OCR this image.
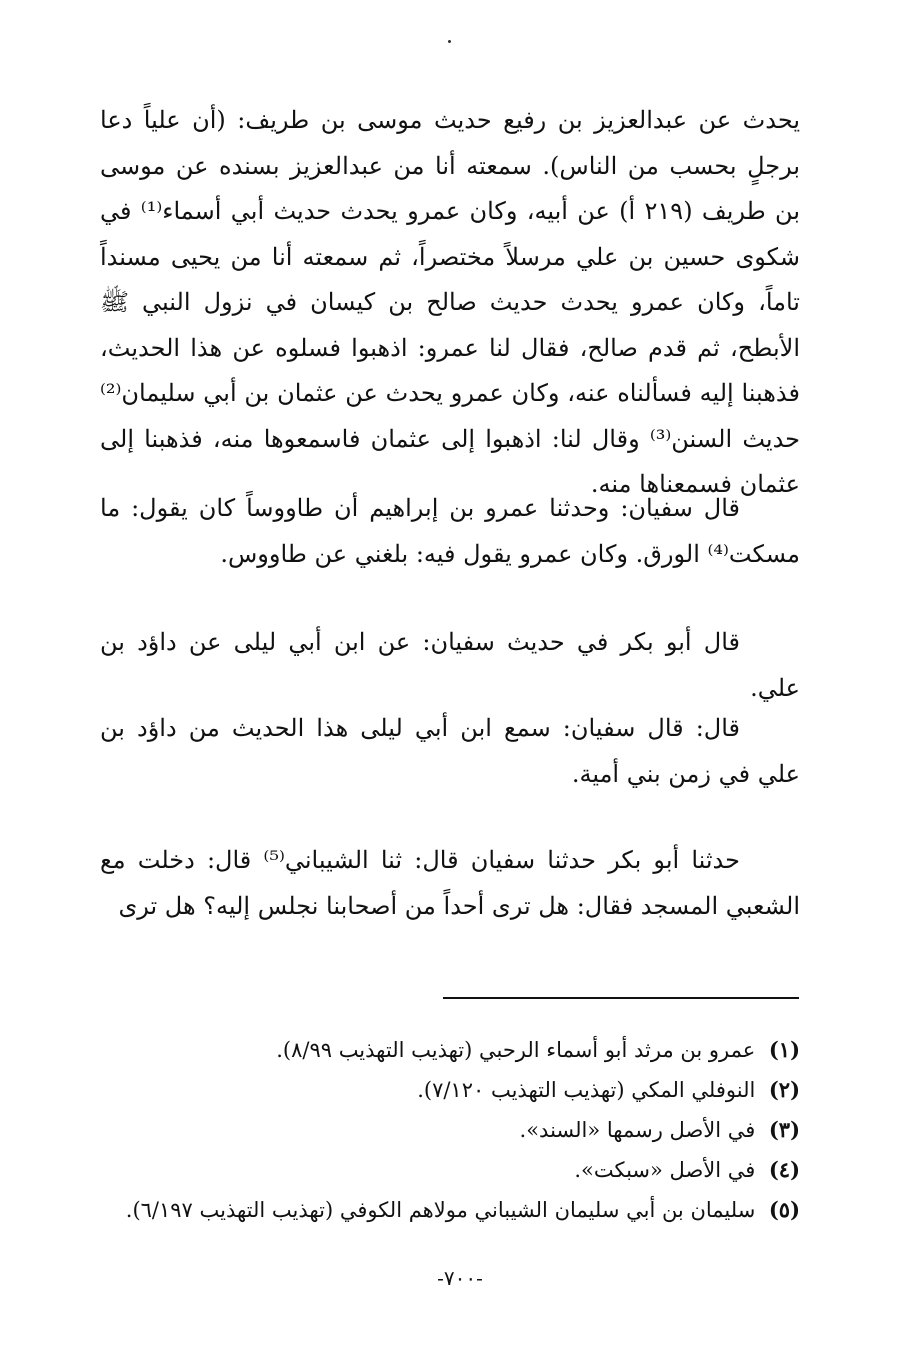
يحدث عن عبدالعزيز بن رفيع حديث موسى بن طريف: (أن علياً دعا برجلٍ بحسب من الناس). سمعته أنا من عبدالعزيز بسنده عن موسى بن طريف (٢١٩ أ) عن أبيه، وكان عمرو يحدث حديث أبي أسماء⁽¹⁾ في شكوى حسين بن علي مرسلاً مختصراً، ثم سمعته أنا من يحيى مسنداً تاماً، وكان عمرو يحدث حديث صالح بن كيسان في نزول النبي ﷺ الأبطح، ثم قدم صالح، فقال لنا عمرو: اذهبوا فسلوه عن هذا الحديث، فذهبنا إليه فسألناه عنه، وكان عمرو يحدث عن عثمان بن أبي سليمان⁽²⁾ حديث السنن⁽³⁾ وقال لنا: اذهبوا إلى عثمان فاسمعوها منه، فذهبنا إلى عثمان فسمعناها منه.

قال سفيان: وحدثنا عمرو بن إبراهيم أن طاووساً كان يقول: ما مسكت⁽⁴⁾ الورق. وكان عمرو يقول فيه: بلغني عن طاووس.

قال أبو بكر في حديث سفيان: عن ابن أبي ليلى عن داؤد بن علي.

قال: قال سفيان: سمع ابن أبي ليلى هذا الحديث من داؤد بن علي في زمن بني أمية.

حدثنا أبو بكر حدثنا سفيان قال: ثنا الشيباني⁽⁵⁾ قال: دخلت مع الشعبي المسجد فقال: هل ترى أحداً من أصحابنا نجلس إليه؟ هل ترى

(١) عمرو بن مرثد أبو أسماء الرحبي (تهذيب التهذيب ٨/٩٩).
(٢) النوفلي المكي (تهذيب التهذيب ٧/١٢٠).
(٣) في الأصل رسمها «السند».
(٤) في الأصل «سبكت».
(٥) سليمان بن أبي سليمان الشيباني مولاهم الكوفي (تهذيب التهذيب ٦/١٩٧).
-٧٠٠-
